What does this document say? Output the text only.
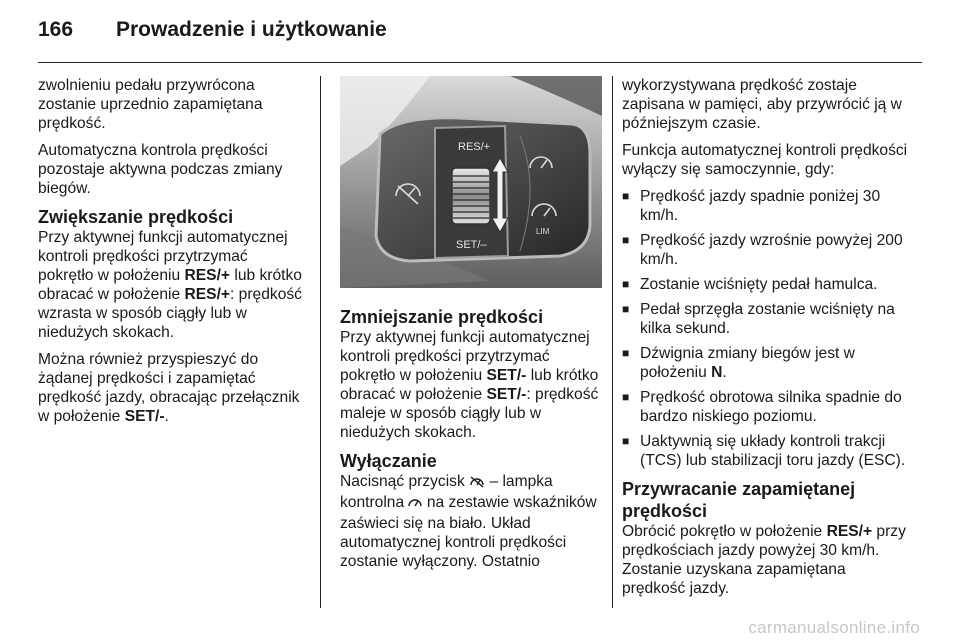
166 Prowadzenie i użytkowanie

zwolnieniu pedału przywrócona zostanie uprzednio zapamiętana prędkość.

Automatyczna kontrola prędkości pozostaje aktywna podczas zmiany biegów.

Zwiększanie prędkości

Przy aktywnej funkcji automatycznej kontroli prędkości przytrzymać pokrętło w położeniu RES/+ lub krótko obracać w położenie RES/+: prędkość wzrasta w sposób ciągły lub w niedużych skokach.

Można również przyspieszyć do żądanej prędkości i zapamiętać prędkość jazdy, obracając przełącznik w położenie SET/-.

RES/+
SET/–
LIM
Zmniejszanie prędkości

Przy aktywnej funkcji automatycznej kontroli prędkości przytrzymać pokrętło w położeniu SET/- lub krótko obracać w położenie SET/-: prędkość maleje w sposób ciągły lub w niedużych skokach.

Wyłączanie

Nacisnąć przycisk  – lampka kontrolna  na zestawie wskaźników zaświeci się na biało. Układ automatycznej kontroli prędkości zostanie wyłączony. Ostatnio

wykorzystywana prędkość zostaje zapisana w pamięci, aby przywrócić ją w późniejszym czasie.

Funkcja automatycznej kontroli prędkości wyłączy się samoczynnie, gdy:

■ Prędkość jazdy spadnie poniżej 30 km/h.
■ Prędkość jazdy wzrośnie powyżej 200 km/h.
■ Zostanie wciśnięty pedał hamulca.
■ Pedał sprzęgła zostanie wciśnięty na kilka sekund.
■ Dźwignia zmiany biegów jest w położeniu N.
■ Prędkość obrotowa silnika spadnie do bardzo niskiego poziomu.
■ Uaktywnią się układy kontroli trakcji (TCS) lub stabilizacji toru jazdy (ESC).
Przywracanie zapamiętanej prędkości

Obrócić pokrętło w położenie RES/+ przy prędkościach jazdy powyżej 30 km/h. Zostanie uzyskana zapamiętana prędkość jazdy.

carmanualsonline.info
